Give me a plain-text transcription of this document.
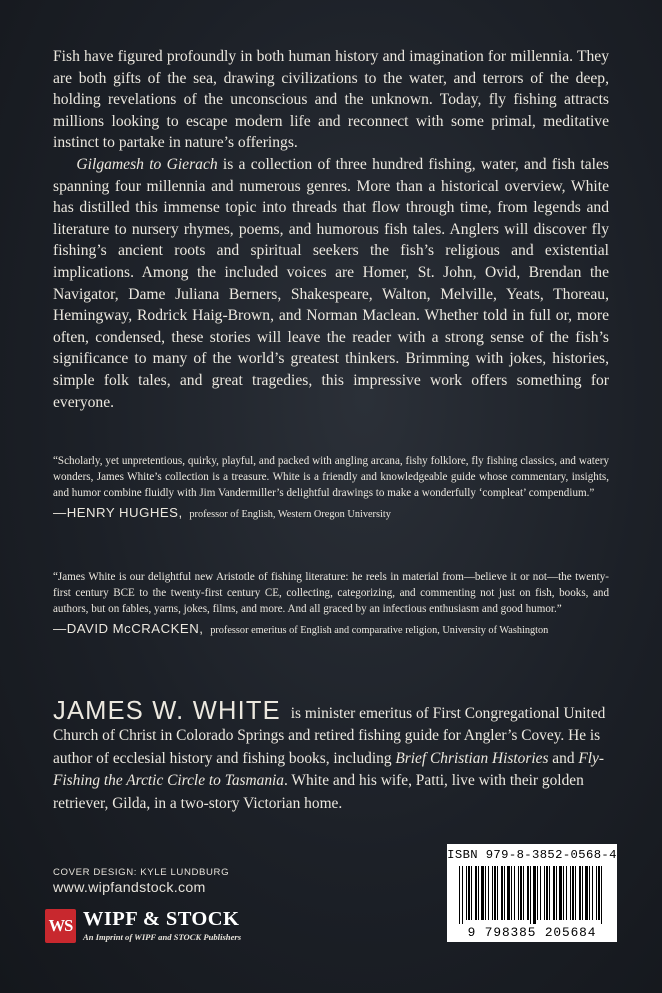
Fish have figured profoundly in both human history and imagination for millennia. They are both gifts of the sea, drawing civilizations to the water, and terrors of the deep, holding revelations of the unconscious and the unknown. Today, fly fishing attracts millions looking to escape modern life and reconnect with some primal, meditative instinct to partake in nature’s offerings.

Gilgamesh to Gierach is a collection of three hundred fishing, water, and fish tales spanning four millennia and numerous genres. More than a historical overview, White has distilled this immense topic into threads that flow through time, from legends and literature to nursery rhymes, poems, and humorous fish tales. Anglers will discover fly fishing’s ancient roots and spiritual seekers the fish’s religious and existential implications. Among the included voices are Homer, St. John, Ovid, Brendan the Navigator, Dame Juliana Berners, Shakespeare, Walton, Melville, Yeats, Thoreau, Hemingway, Rodrick Haig-Brown, and Norman Maclean. Whether told in full or, more often, condensed, these stories will leave the reader with a strong sense of the fish’s significance to many of the world’s greatest thinkers. Brimming with jokes, histories, simple folk tales, and great tragedies, this impressive work offers something for everyone.

“Scholarly, yet unpretentious, quirky, playful, and packed with angling arcana, fishy folklore, fly fishing classics, and watery wonders, James White’s collection is a treasure. White is a friendly and knowledgeable guide whose commentary, insights, and humor combine fluidly with Jim Vandermiller’s delightful drawings to make a wonderfully ‘compleat’ compendium.”

—HENRY HUGHES, professor of English, Western Oregon University

“James White is our delightful new Aristotle of fishing literature: he reels in material from—believe it or not—the twenty-first century BCE to the twenty-first century CE, collecting, categorizing, and commenting not just on fish, books, and authors, but on fables, yarns, jokes, films, and more. And all graced by an infectious enthusiasm and good humor.”

—DAVID McCRACKEN, professor emeritus of English and comparative religion, University of Washington

JAMES W. WHITE is minister emeritus of First Congregational United Church of Christ in Colorado Springs and retired fishing guide for Angler’s Covey. He is author of ecclesial history and fishing books, including Brief Christian Histories and Fly-Fishing the Arctic Circle to Tasmania. White and his wife, Patti, live with their golden retriever, Gilda, in a two-story Victorian home.
COVER DESIGN: KYLE LUNDBURG
www.wipfandstock.com
WS WIPF & STOCK
An Imprint of WIPF and STOCK Publishers
ISBN 979-8-3852-0568-4
9 798385 205684
